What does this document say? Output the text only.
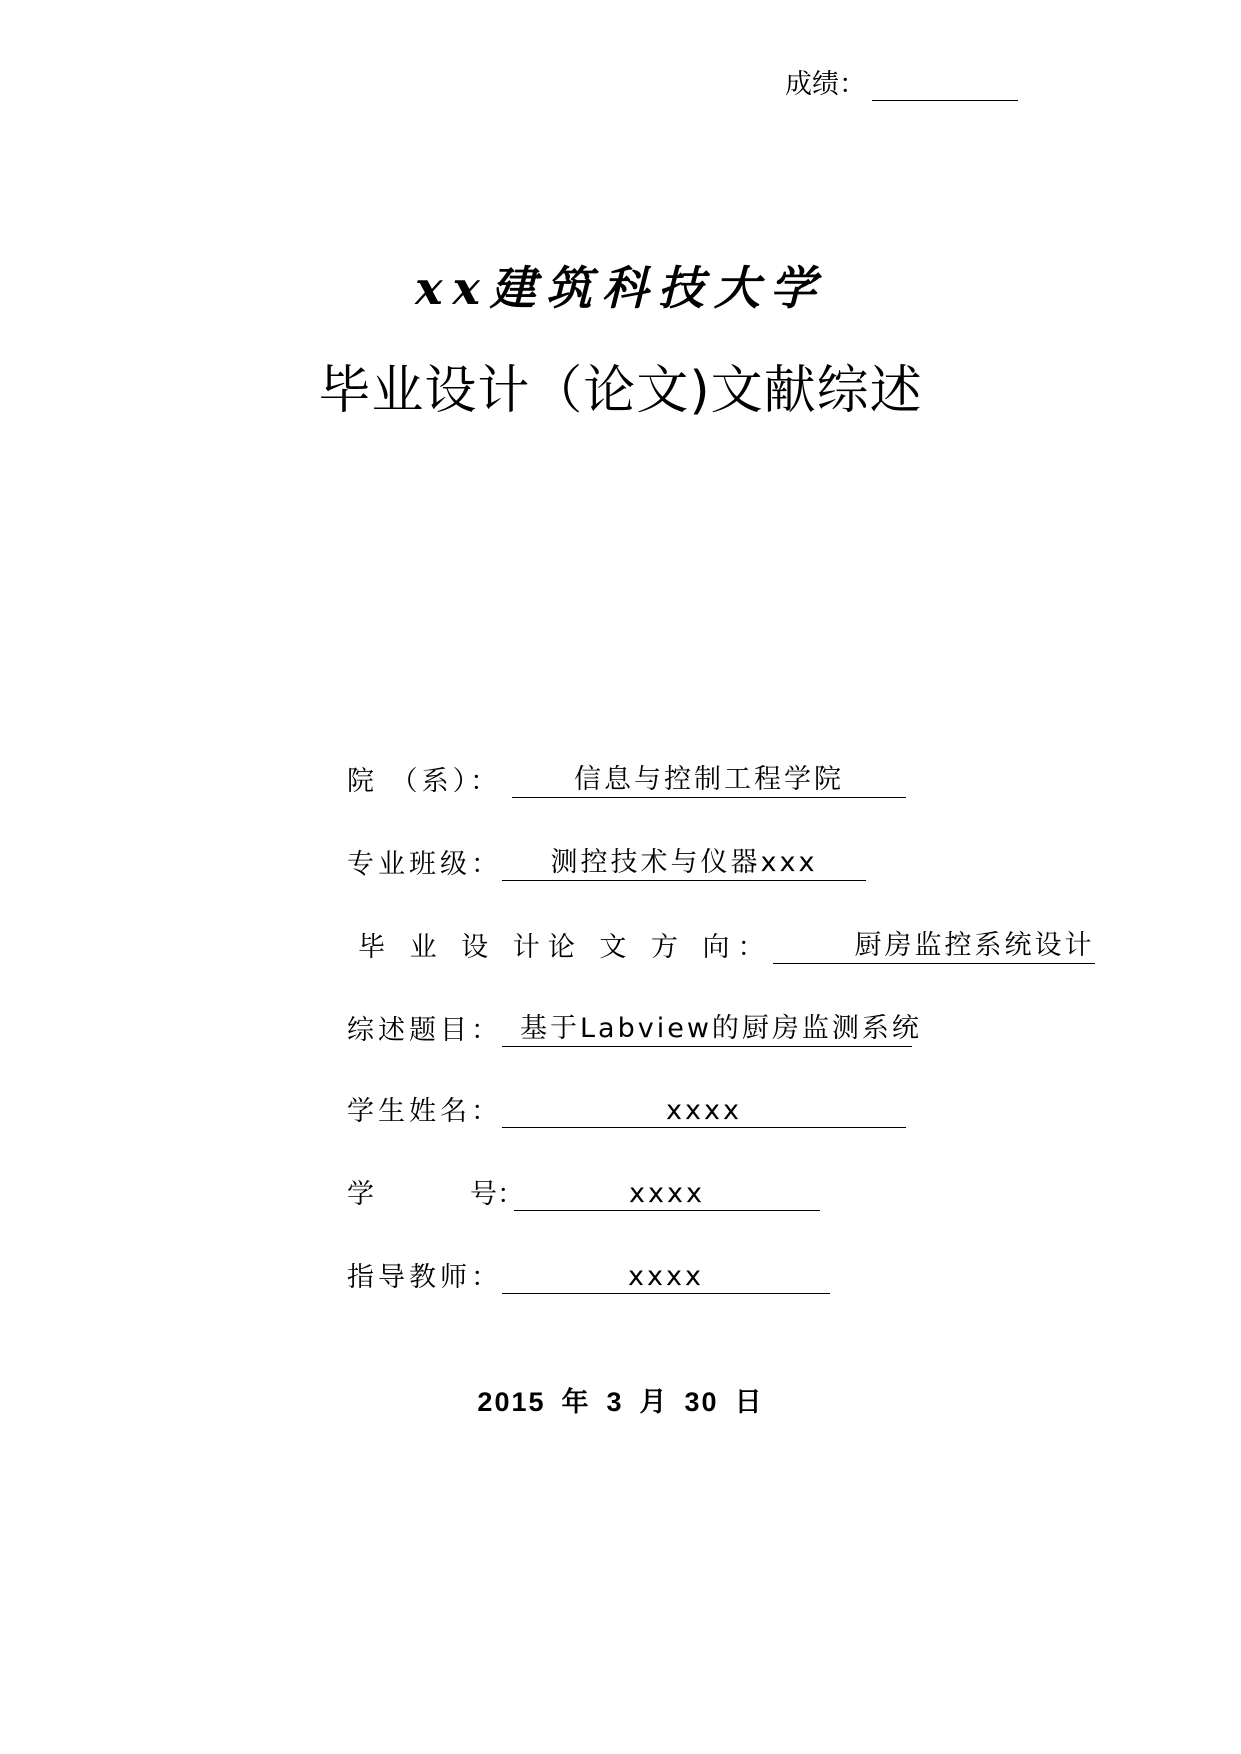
成绩：
xx建筑科技大学
毕业设计（论文)文献综述
院 （系）：	信息与控制工程学院
专业班级：	测控技术与仪器xxx
毕 业 设 计论 文 方 向：	厨房监控系统设计
综述题目： 基于Labview的厨房监测系统
学生姓名：	xxxx
学	号：	xxxx
指导教师：	xxxx
2015 年 3 月 30 日
